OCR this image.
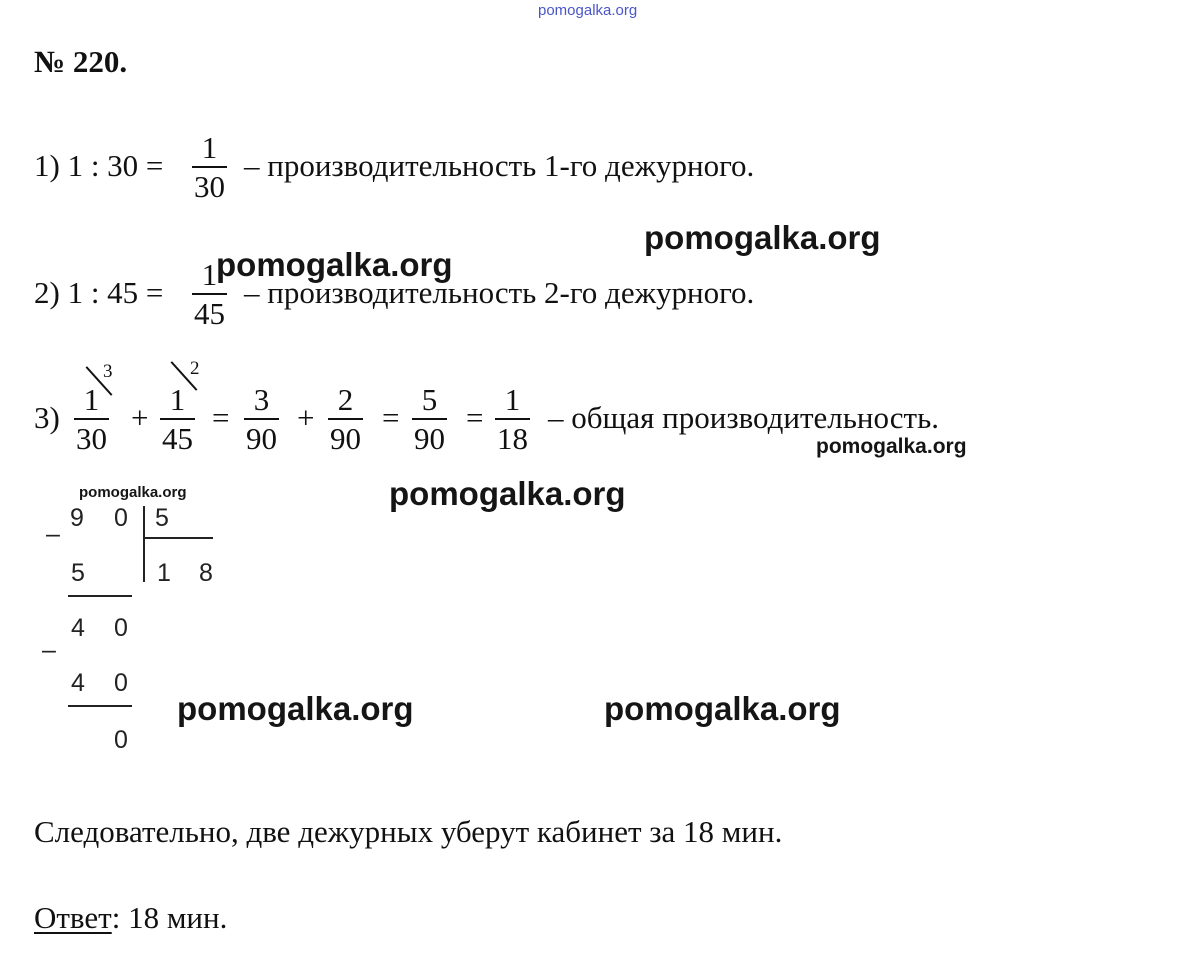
pomogalka.org
№ 220.
1) 1 : 30 =
1
30
– производительность 1-го дежурного.
2) 1 : 45 =
1
45
– производительность 2-го дежурного.
3)
1
30
3
+
1
45
2
=
3
90
+
2
90
=
5
90
=
1
18
– общая производительность.
9 0 5
–
1 8
5
4 0
–
4 0
0
pomogalka.org
pomogalka.org
pomogalka.org
pomogalka.org	pomogalka.org
pomogalka.org	pomogalka.org
Следовательно, две дежурных уберут кабинет за 18 мин.
Ответ: 18 мин.
